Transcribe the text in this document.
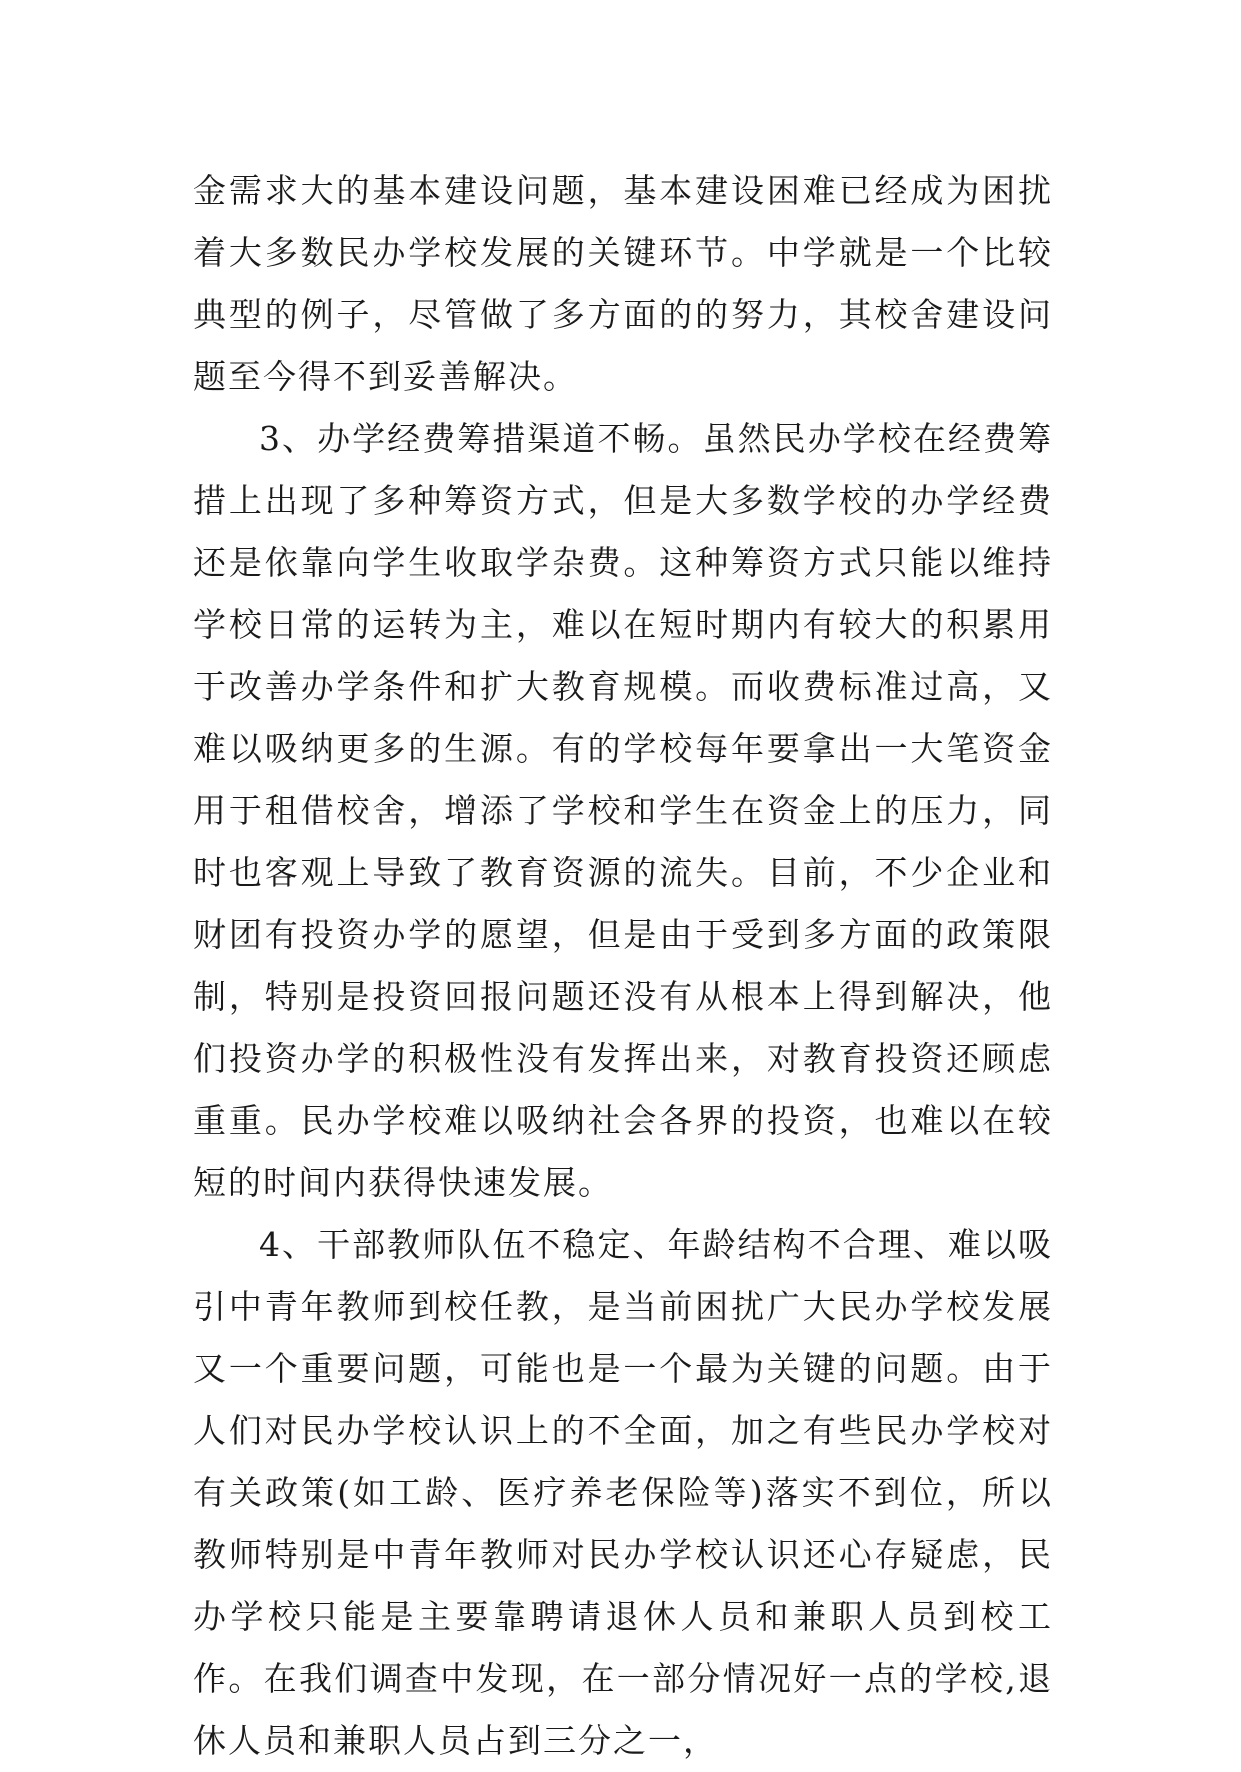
金需求大的基本建设问题，基本建设困难已经成为困扰着大多数民办学校发展的关键环节。中学就是一个比较典型的例子，尽管做了多方面的的努力，其校舍建设问题至今得不到妥善解决。

3、办学经费筹措渠道不畅。虽然民办学校在经费筹措上出现了多种筹资方式，但是大多数学校的办学经费还是依靠向学生收取学杂费。这种筹资方式只能以维持学校日常的运转为主，难以在短时期内有较大的积累用于改善办学条件和扩大教育规模。而收费标准过高，又难以吸纳更多的生源。有的学校每年要拿出一大笔资金用于租借校舍，增添了学校和学生在资金上的压力，同时也客观上导致了教育资源的流失。目前，不少企业和财团有投资办学的愿望，但是由于受到多方面的政策限制，特别是投资回报问题还没有从根本上得到解决，他们投资办学的积极性没有发挥出来，对教育投资还顾虑重重。民办学校难以吸纳社会各界的投资，也难以在较短的时间内获得快速发展。

4、干部教师队伍不稳定、年龄结构不合理、难以吸引中青年教师到校任教，是当前困扰广大民办学校发展又一个重要问题，可能也是一个最为关键的问题。由于人们对民办学校认识上的不全面，加之有些民办学校对有关政策(如工龄、医疗养老保险等)落实不到位，所以教师特别是中青年教师对民办学校认识还心存疑虑，民办学校只能是主要靠聘请退休人员和兼职人员到校工作。在我们调查中发现，在一部分情况好一点的学校,退休人员和兼职人员占到三分之一，
